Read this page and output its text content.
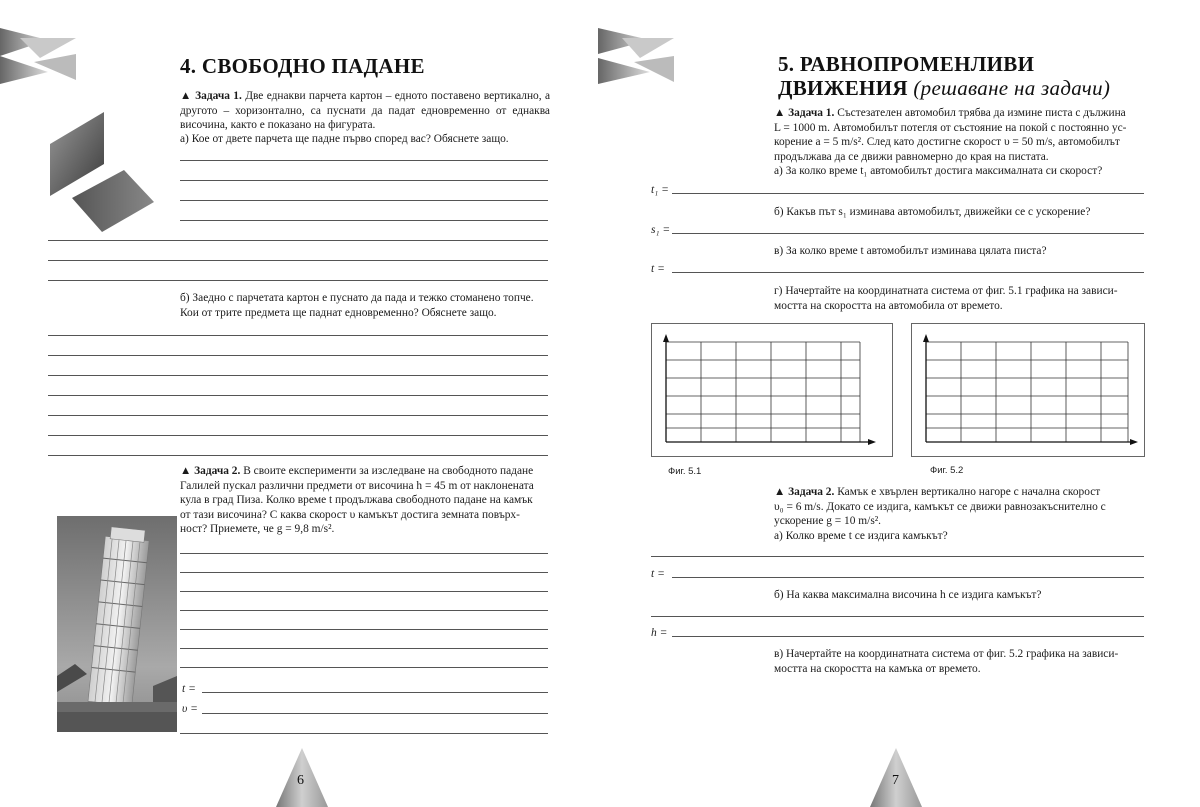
4. СВОБОДНО ПАДАНЕ
▲ Задача 1. Две еднакви парчета картон – едното поставено вертикално, а другото – хоризонтално, са пуснати да падат едновременно от еднаква височина, както е показано на фигурата.
а) Кое от двете парчета ще падне първо според вас? Обяснете защо.
б) Заедно с парчетата картон е пуснато да пада и тежко стоманено топче.
Кои от трите предмета ще паднат едновременно? Обяснете защо.
▲ Задача 2. В своите експерименти за изследване на свободното падане
Галилей пускал различни предмети от височина h = 45 m от наклонената
кула в град Пиза. Колко време t продължава свободното падане на камък
от тази височина? С каква скорост υ камъкът достига земната повърх-
ност? Приемете, че g = 9,8 m/s².
t =
υ =
6
5. РАВНОПРОМЕНЛИВИ
ДВИЖЕНИЯ (решаване на задачи)
▲ Задача 1. Състезателен автомобил трябва да измине писта с дължина
L = 1000 m. Автомобилът потегля от състояние на покой с постоянно ус-
корение a = 5 m/s². След като достигне скорост υ = 50 m/s, автомобилът
продължава да се движи равномерно до края на пистата.
а) За колко време t₁ автомобилът достига максималната си скорост?
t₁ =
б) Какъв път s₁ изминава автомобилът, движейки се с ускорение?
s₁ =
в) За колко време t автомобилът изминава цялата писта?
t =
г) Начертайте на координатната система от фиг. 5.1 графика на зависи-
мостта на скоростта на автомобила от времето.
Фиг. 5.1	Фиг. 5.2
▲ Задача 2. Камък е хвърлен вертикално нагоре с начална скорост
υ₀ = 6 m/s. Докато се издига, камъкът се движи равнозакъснително с
ускорение g = 10 m/s².
а) Колко време t се издига камъкът?
t =
б) На каква максимална височина h се издига камъкът?
h =
в) Начертайте на координатната система от фиг. 5.2 графика на зависи-
мостта на скоростта на камъка от времето.
7
